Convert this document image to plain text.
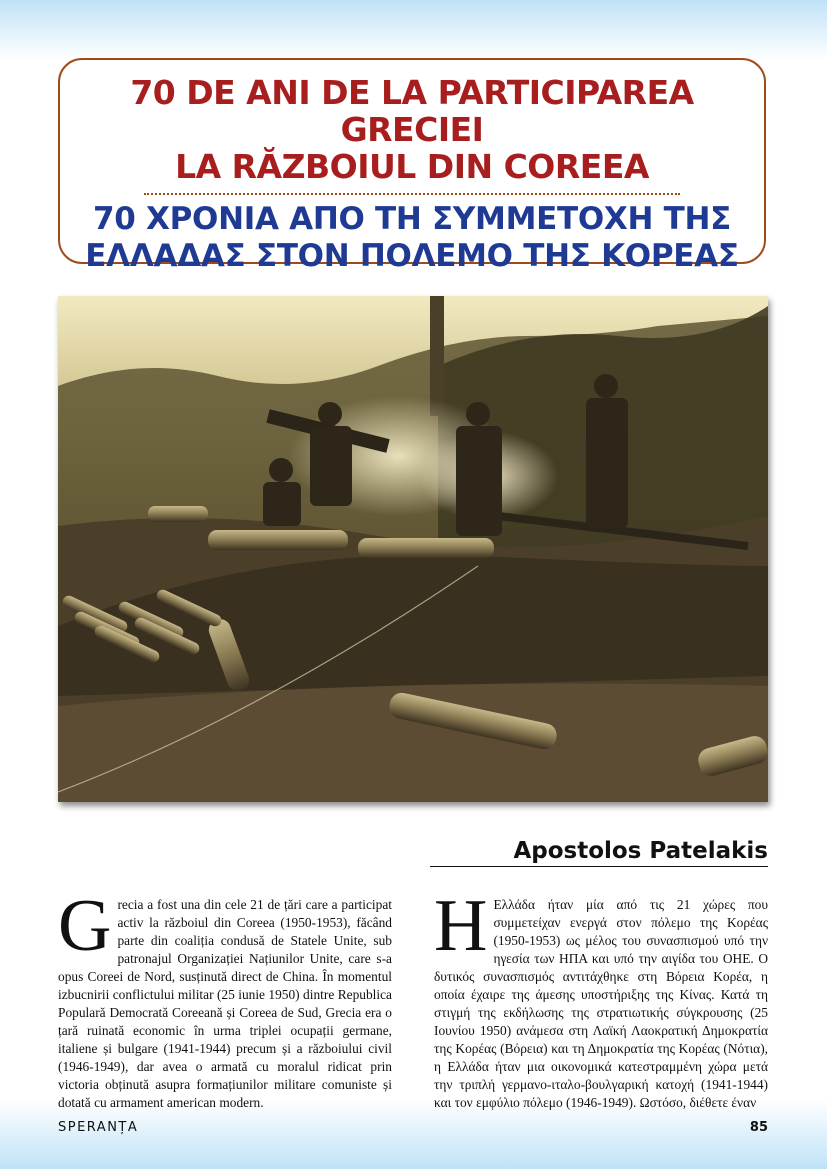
70 DE ANI DE LA PARTICIPAREA GRECIEI
LA RĂZBOIUL DIN COREEA
70 ΧΡΟΝΙΑ ΑΠΟ ΤΗ ΣΥΜΜΕΤΟΧΗ ΤΗΣ
ΕΛΛΑΔΑΣ ΣΤΟΝ ΠΟΛΕΜΟ ΤΗΣ ΚΟΡΕΑΣ
Apostolos Patelakis
Grecia a fost una din cele 21 de țări care a participat activ la războiul din Coreea (1950-1953), făcând parte din coaliția condusă de Statele Unite, sub patronajul Organizației Națiunilor Unite, care s-a opus Coreei de Nord, susținută direct de China. În momentul izbucnirii conflictului militar (25 iunie 1950) dintre Republica Populară Democrată Coreeană și Coreea de Sud, Grecia era o țară ruinată economic în urma triplei ocupații germane, italiene și bulgare (1941-1944) precum și a războiului civil (1946-1949), dar avea o armată cu moralul ridicat prin victoria obținută asupra formațiunilor militare comuniste și dotată cu armament american modern.
Η Ελλάδα ήταν μία από τις 21 χώρες που συμμετείχαν ενεργά στον πόλεμο της Κορέας (1950-1953) ως μέλος του συνασπισμού υπό την ηγεσία των ΗΠΑ και υπό την αιγίδα του ΟΗΕ. Ο δυτικός συνασπισμός αντιτάχθηκε στη Βόρεια Κορέα, η οποία έχαιρε της άμεσης υποστήριξης της Κίνας. Κατά τη στιγμή της εκδήλωσης της στρατιωτικής σύγκρουσης (25 Ιουνίου 1950) ανάμεσα στη Λαϊκή Λαοκρατική Δημοκρατία της Κορέας (Βόρεια) και τη Δημοκρατία της Κορέας (Νότια), η Ελλάδα ήταν μια οικονομικά κατεστραμμένη χώρα μετά την τριπλή γερμανο-ιταλο-βουλγαρική κατοχή (1941-1944) και τον εμφύλιο πόλεμο (1946-1949). Ωστόσο, διέθετε έναν
SPERANȚA	85
